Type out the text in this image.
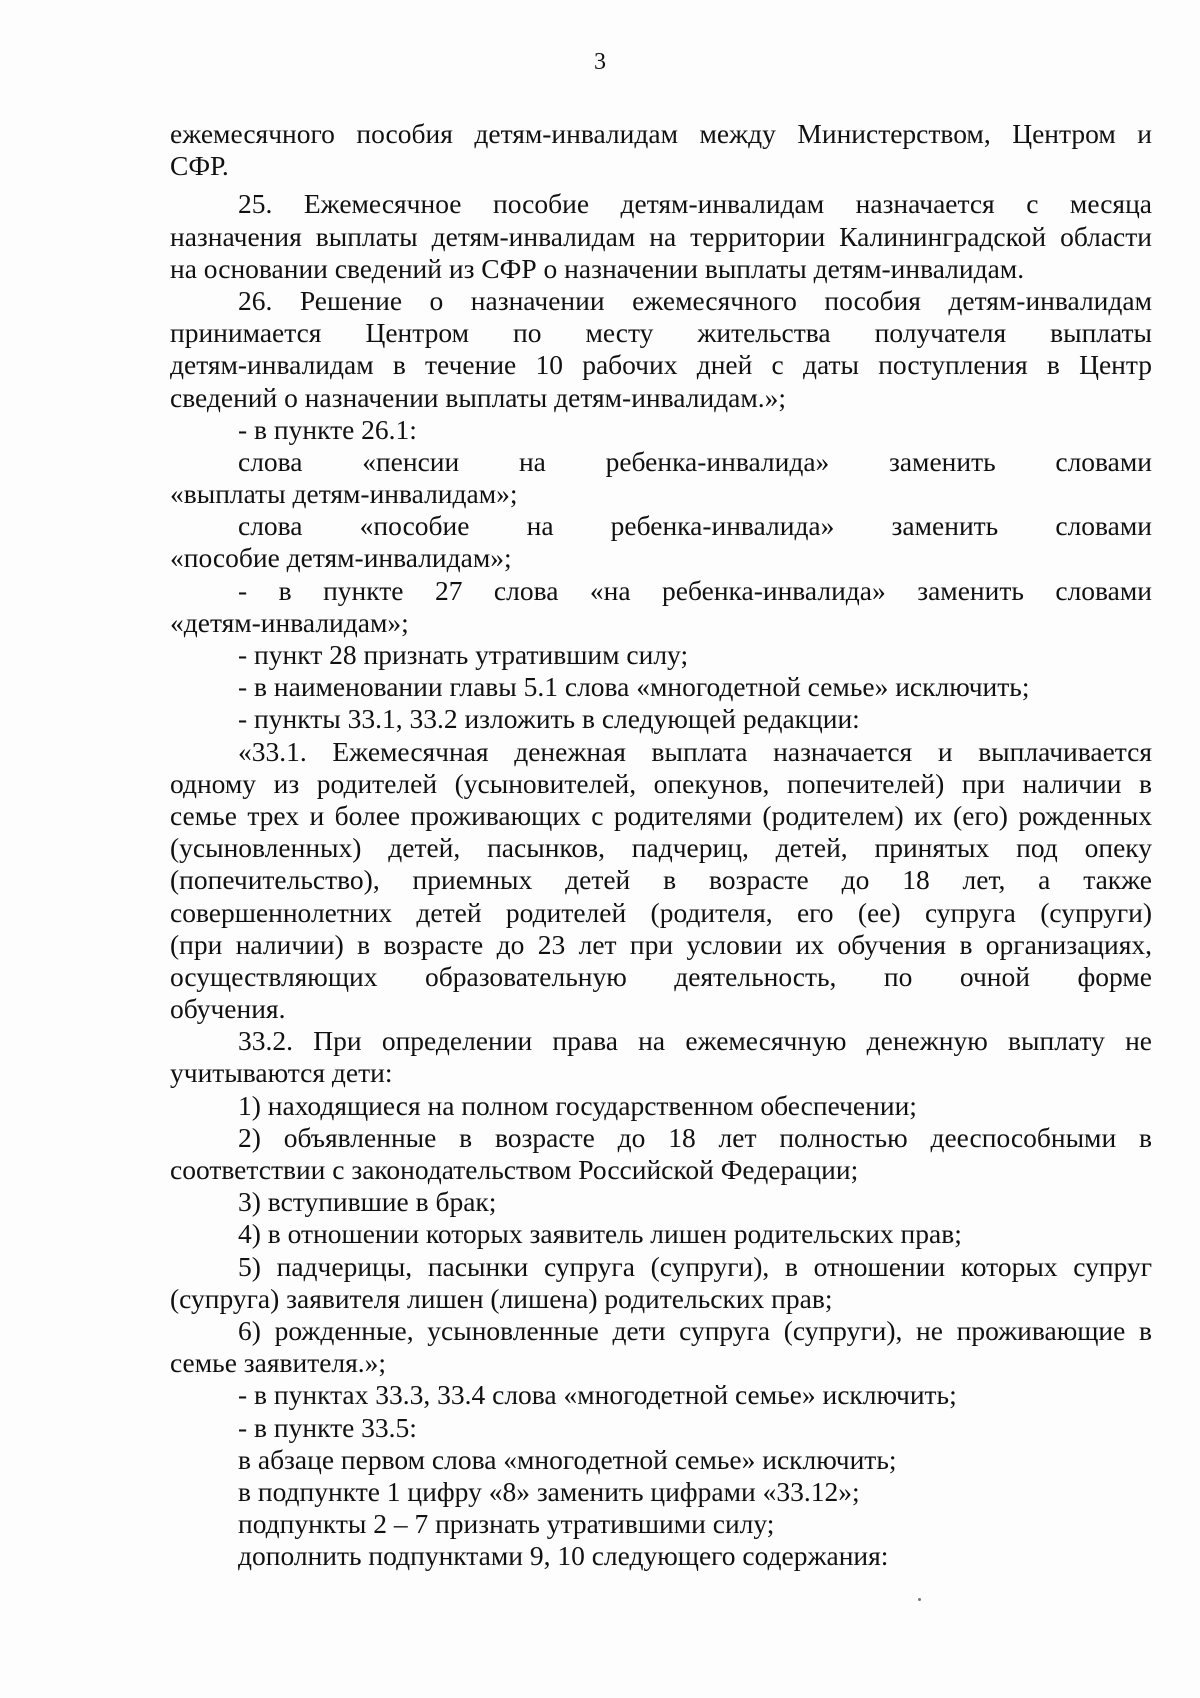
3
ежемесячного пособия детям-инвалидам между Министерством, Центром и
СФР.
25. Ежемесячное пособие детям-инвалидам назначается с месяца
назначения выплаты детям-инвалидам на территории Калининградской области
на основании сведений из СФР о назначении выплаты детям-инвалидам.
26. Решение о назначении ежемесячного пособия детям-инвалидам
принимается Центром по месту жительства получателя выплаты
детям-инвалидам в течение 10 рабочих дней с даты поступления в Центр
сведений о назначении выплаты детям-инвалидам.»;
- в пункте 26.1:
слова «пенсии на ребенка-инвалида» заменить словами
«выплаты детям-инвалидам»;
слова «пособие на ребенка-инвалида» заменить словами
«пособие детям-инвалидам»;
- в пункте 27 слова «на ребенка-инвалида» заменить словами
«детям-инвалидам»;
- пункт 28 признать утратившим силу;
- в наименовании главы 5.1 слова «многодетной семье» исключить;
- пункты 33.1, 33.2 изложить в следующей редакции:
«33.1. Ежемесячная денежная выплата назначается и выплачивается
одному из родителей (усыновителей, опекунов, попечителей) при наличии в
семье трех и более проживающих с родителями (родителем) их (его) рожденных
(усыновленных) детей, пасынков, падчериц, детей, принятых под опеку
(попечительство), приемных детей в возрасте до 18 лет, а также
совершеннолетних детей родителей (родителя, его (ее) супруга (супруги)
(при наличии) в возрасте до 23 лет при условии их обучения в организациях,
осуществляющих образовательную деятельность, по очной форме
обучения.
33.2. При определении права на ежемесячную денежную выплату не
учитываются дети:
1) находящиеся на полном государственном обеспечении;
2) объявленные в возрасте до 18 лет полностью дееспособными в
соответствии с законодательством Российской Федерации;
3) вступившие в брак;
4) в отношении которых заявитель лишен родительских прав;
5) падчерицы, пасынки супруга (супруги), в отношении которых супруг
(супруга) заявителя лишен (лишена) родительских прав;
6) рожденные, усыновленные дети супруга (супруги), не проживающие в
семье заявителя.»;
- в пунктах 33.3, 33.4 слова «многодетной семье» исключить;
- в пункте 33.5:
в абзаце первом слова «многодетной семье» исключить;
в подпункте 1 цифру «8» заменить цифрами «33.12»;
подпункты 2 – 7 признать утратившими силу;
дополнить подпунктами 9, 10 следующего содержания:
